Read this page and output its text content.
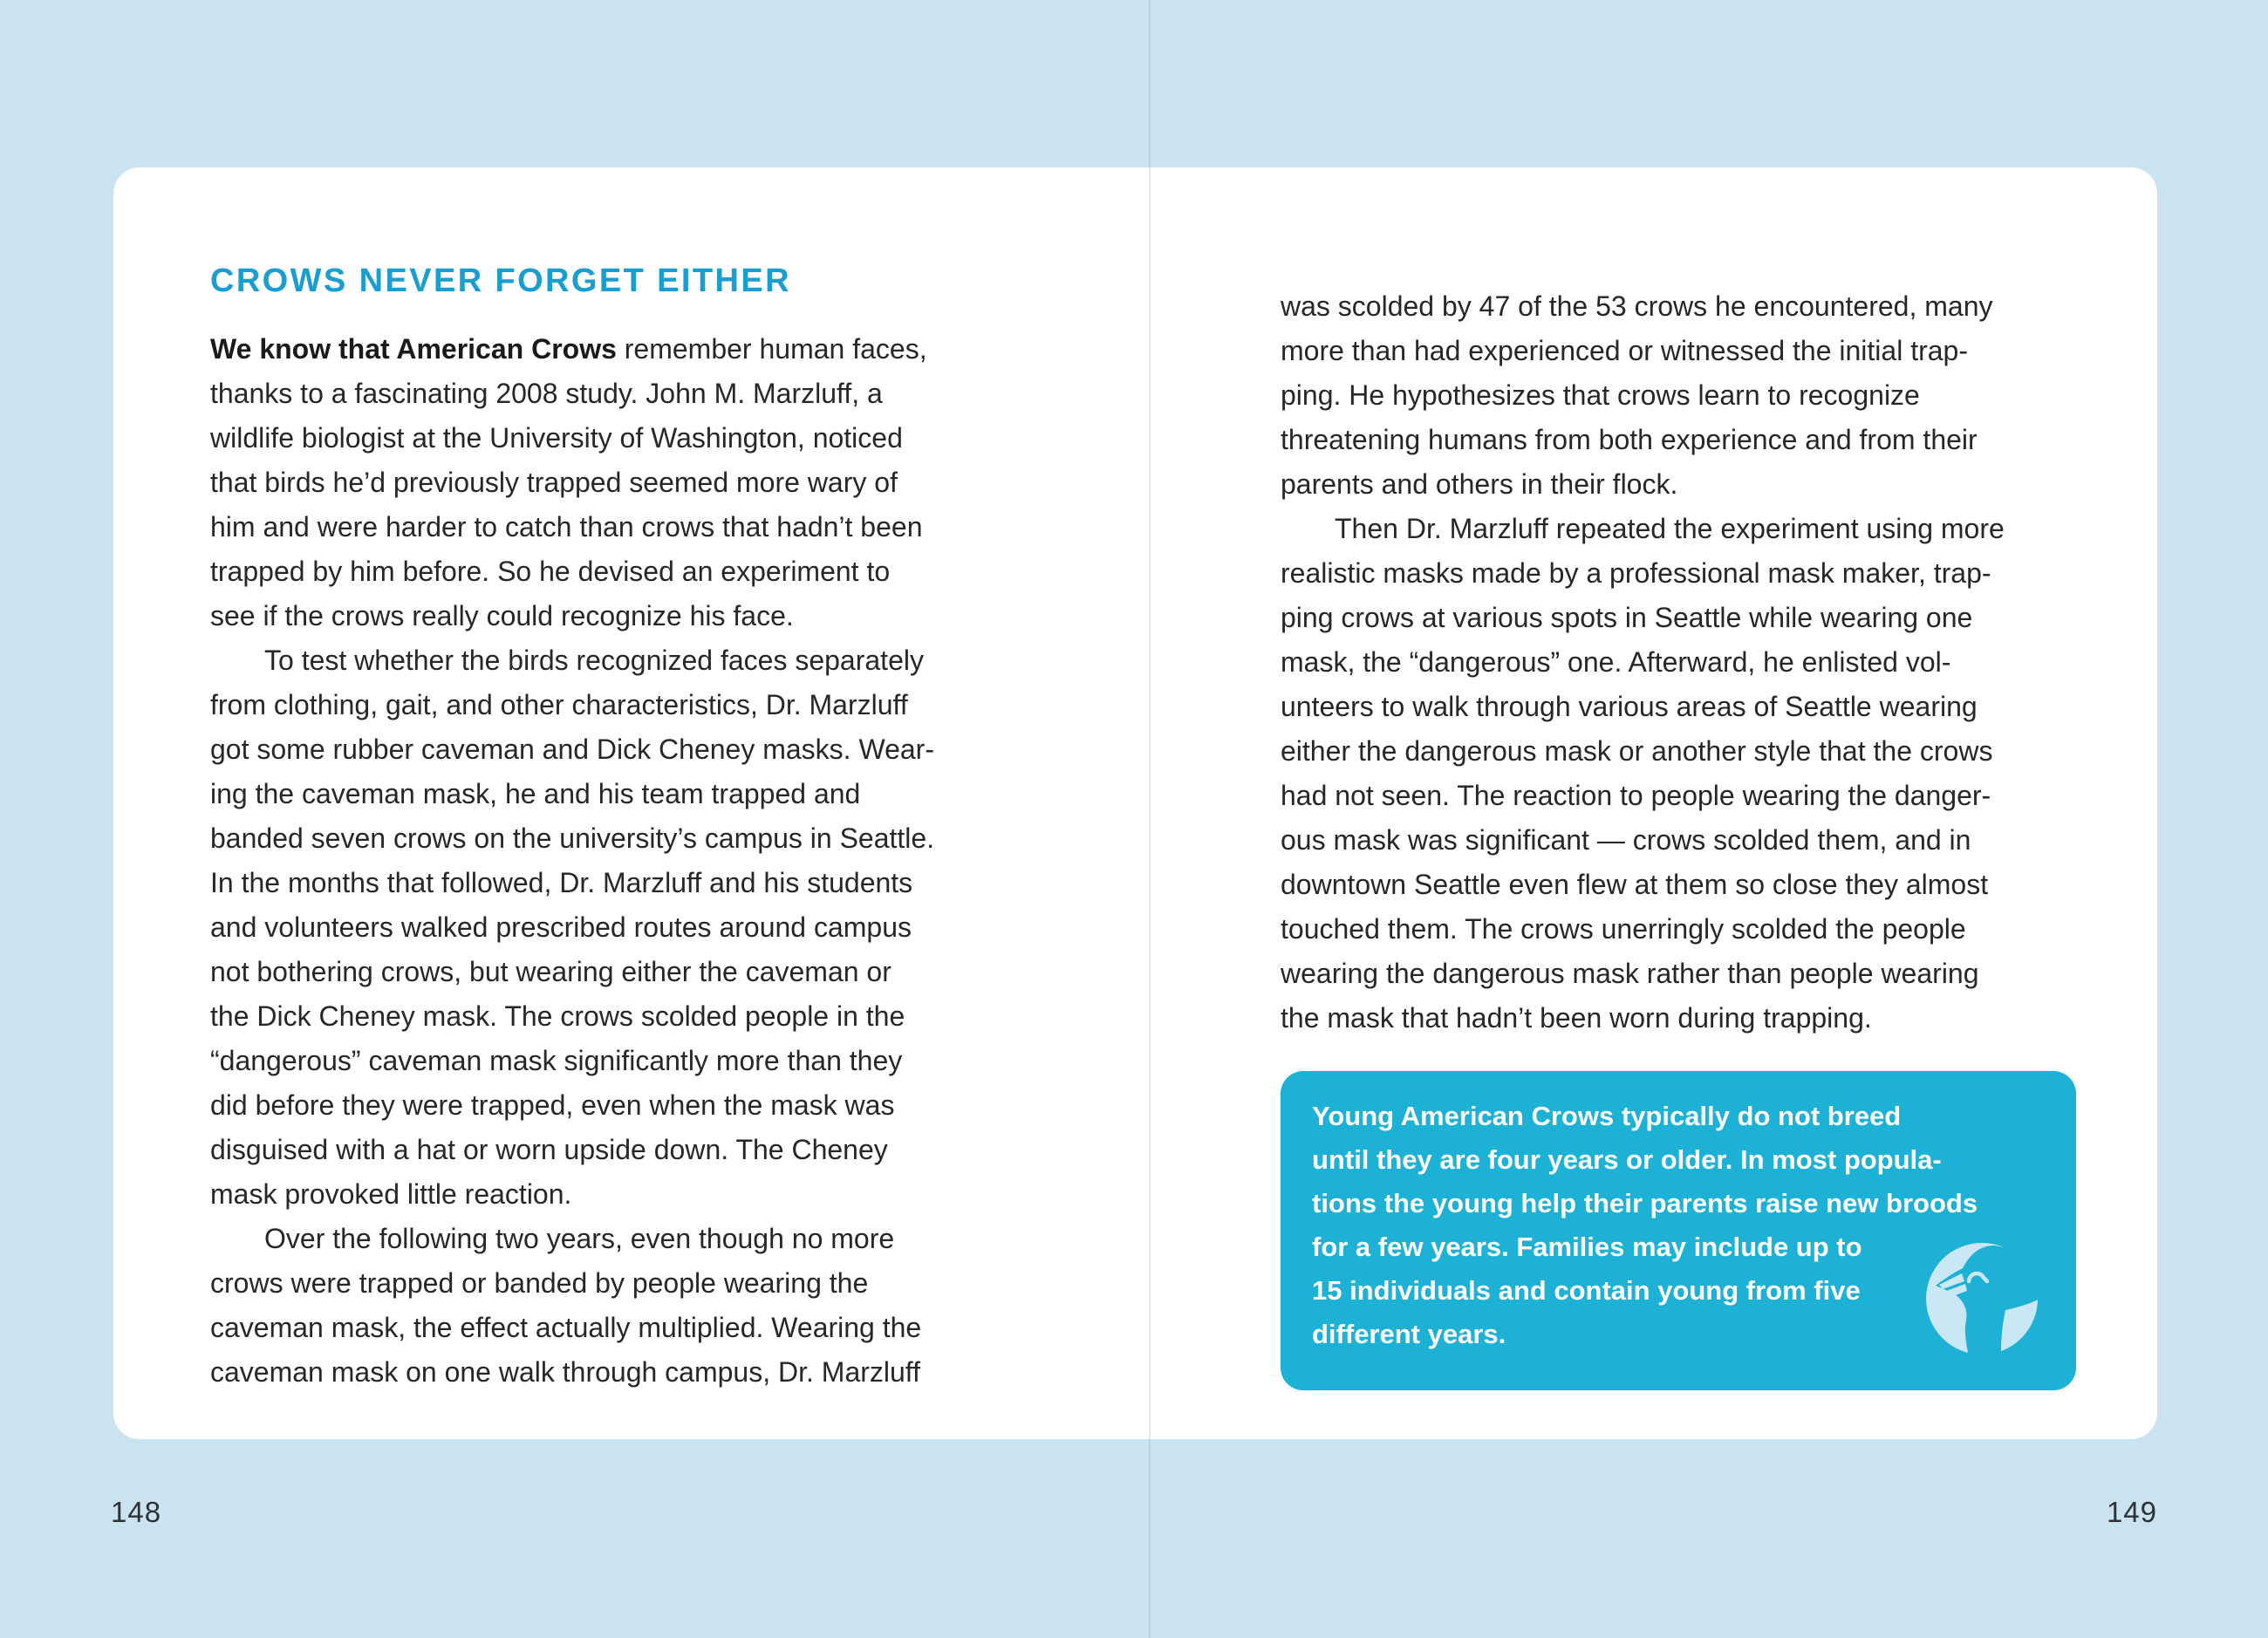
CROWS NEVER FORGET EITHER

We know that American Crows remember human faces,
thanks to a fascinating 2008 study. John M. Marzluff, a
wildlife biologist at the University of Washington, noticed
that birds he’d previously trapped seemed more wary of
him and were harder to catch than crows that hadn’t been
trapped by him before. So he devised an experiment to
see if the crows really could recognize his face.

To test whether the birds recognized faces separately
from clothing, gait, and other characteristics, Dr. Marzluff
got some rubber caveman and Dick Cheney masks. Wear-
ing the caveman mask, he and his team trapped and
banded seven crows on the university’s campus in Seattle.
In the months that followed, Dr. Marzluff and his students
and volunteers walked prescribed routes around campus
not bothering crows, but wearing either the caveman or
the Dick Cheney mask. The crows scolded people in the
“dangerous” caveman mask significantly more than they
did before they were trapped, even when the mask was
disguised with a hat or worn upside down. The Cheney
mask provoked little reaction.

Over the following two years, even though no more
crows were trapped or banded by people wearing the
caveman mask, the effect actually multiplied. Wearing the
caveman mask on one walk through campus, Dr. Marzluff

148

was scolded by 47 of the 53 crows he encountered, many
more than had experienced or witnessed the initial trap-
ping. He hypothesizes that crows learn to recognize
threatening humans from both experience and from their
parents and others in their flock.

Then Dr. Marzluff repeated the experiment using more
realistic masks made by a professional mask maker, trap-
ping crows at various spots in Seattle while wearing one
mask, the “dangerous” one. Afterward, he enlisted vol-
unteers to walk through various areas of Seattle wearing
either the dangerous mask or another style that the crows
had not seen. The reaction to people wearing the danger-
ous mask was significant — crows scolded them, and in
downtown Seattle even flew at them so close they almost
touched them. The crows unerringly scolded the people
wearing the dangerous mask rather than people wearing
the mask that hadn’t been worn during trapping.

Young American Crows typically do not breed
until they are four years or older. In most popula-
tions the young help their parents raise new broods
for a few years. Families may include up to
15 individuals and contain young from five
different years.

149
